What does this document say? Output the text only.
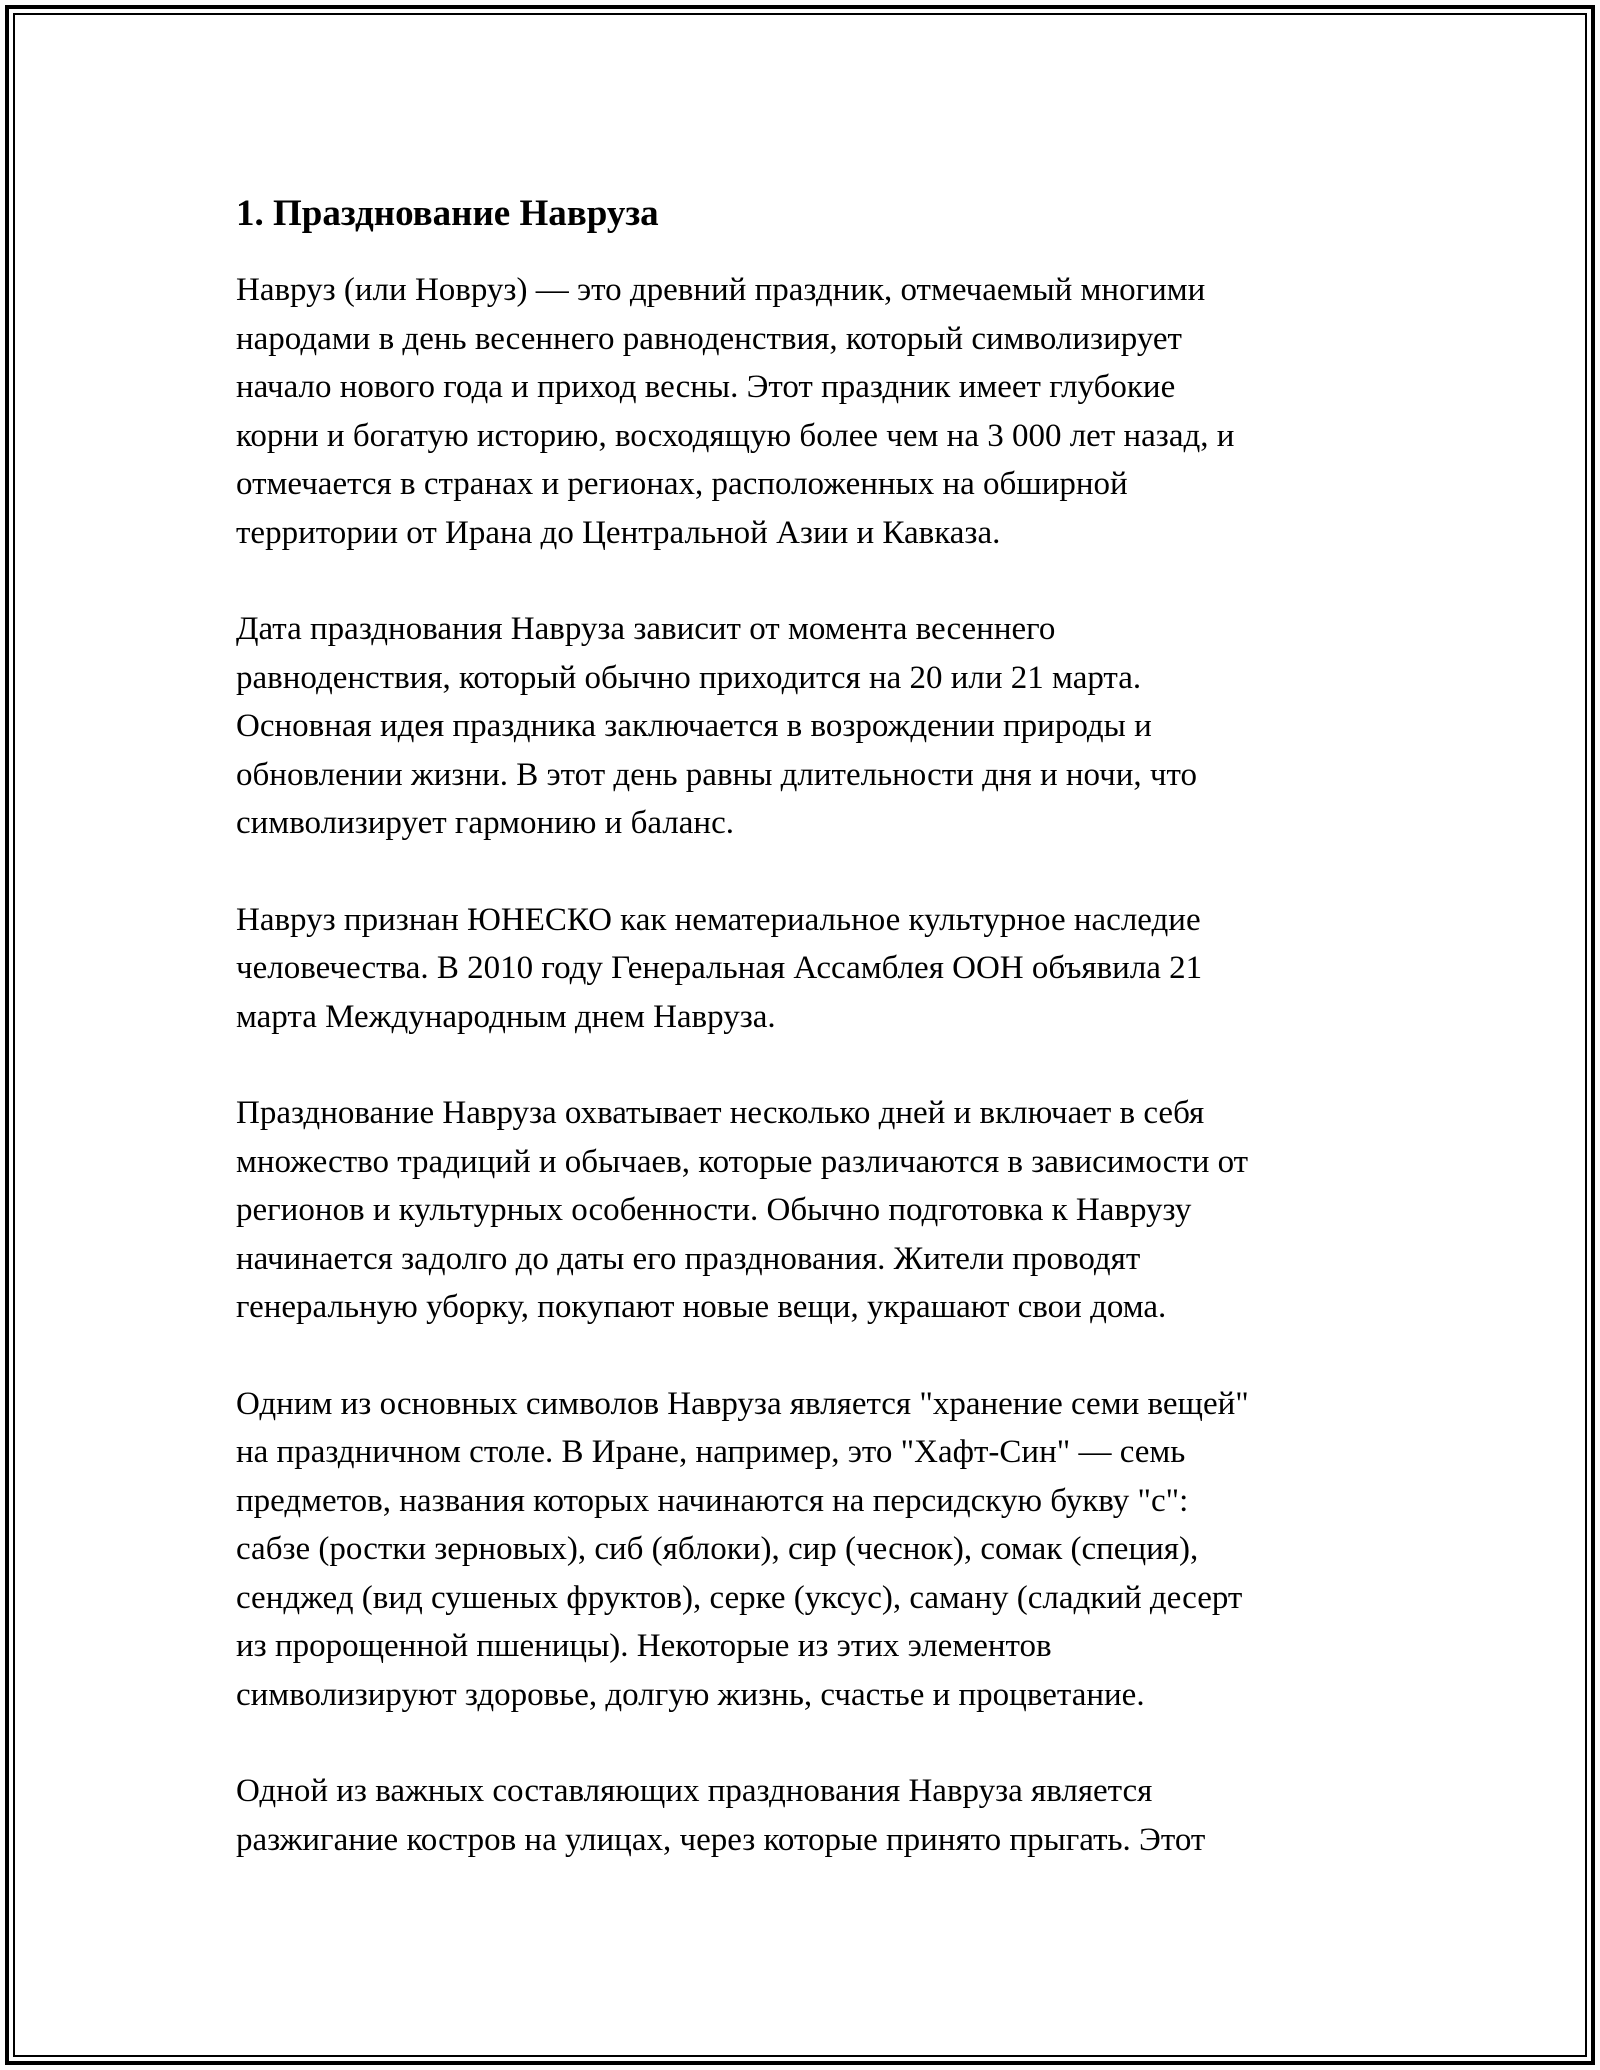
1. Празднование Навруза

Навруз (или Новруз) — это древний праздник, отмечаемый многими
народами в день весеннего равноденствия, который символизирует
начало нового года и приход весны. Этот праздник имеет глубокие
корни и богатую историю, восходящую более чем на 3 000 лет назад, и
отмечается в странах и регионах, расположенных на обширной
территории от Ирана до Центральной Азии и Кавказа.

Дата празднования Навруза зависит от момента весеннего
равноденствия, который обычно приходится на 20 или 21 марта.
Основная идея праздника заключается в возрождении природы и
обновлении жизни. В этот день равны длительности дня и ночи, что
символизирует гармонию и баланс.

Навруз признан ЮНЕСКО как нематериальное культурное наследие
человечества. В 2010 году Генеральная Ассамблея ООН объявила 21
марта Международным днем Навруза.

Празднование Навруза охватывает несколько дней и включает в себя
множество традиций и обычаев, которые различаются в зависимости от
регионов и культурных особенности. Обычно подготовка к Наврузу
начинается задолго до даты его празднования. Жители проводят
генеральную уборку, покупают новые вещи, украшают свои дома.

Одним из основных символов Навруза является "хранение семи вещей"
на праздничном столе. В Иране, например, это "Хафт-Син" — семь
предметов, названия которых начинаются на персидскую букву "с":
сабзе (ростки зерновых), сиб (яблоки), сир (чеснок), сомак (специя),
сенджед (вид сушеных фруктов), серке (уксус), саману (сладкий десерт
из пророщенной пшеницы). Некоторые из этих элементов
символизируют здоровье, долгую жизнь, счастье и процветание.

Одной из важных составляющих празднования Навруза является
разжигание костров на улицах, через которые принято прыгать. Этот
